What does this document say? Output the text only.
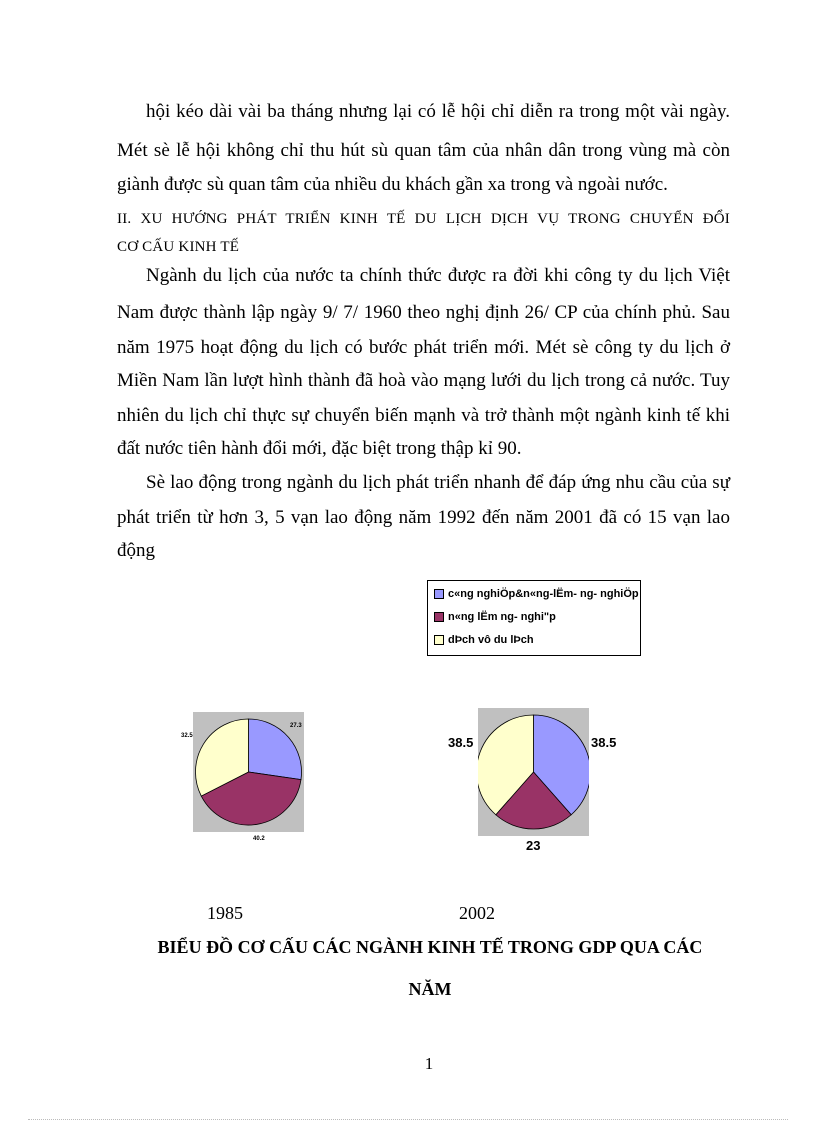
hội kéo dài vài ba tháng nhưng lại có lễ hội chỉ diễn ra trong một vài ngày.
Mét sè lễ hội không chỉ thu hút sù quan tâm của nhân dân trong vùng mà còn
giành được sù quan tâm của nhiều du khách gần xa trong và ngoài nước.
II. XU HƯỚNG PHÁT TRIỂN KINH TẾ DU LỊCH DỊCH VỤ TRONG CHUYỂN ĐỔI
CƠ CẤU KINH TẾ
Ngành du lịch của nước ta chính thức được ra đời khi công ty du lịch Việt
Nam được thành lập ngày 9/ 7/ 1960 theo nghị định 26/ CP của chính phủ. Sau
năm 1975 hoạt động du lịch có bước phát triển mới. Mét sè công ty du lịch ở
Miền Nam lần lượt hình thành đã hoà vào mạng lưới du lịch trong cả nước. Tuy
nhiên du lịch chỉ thực sự chuyển biến mạnh và trở thành một ngành kinh tế khi
đất nước tiên hành đổi mới, đặc biệt trong thập kỉ 90.
Sè lao động trong ngành du lịch phát triển nhanh để đáp ứng nhu cầu của sự
phát triển từ hơn 3, 5 vạn lao động năm 1992 đến năm 2001 đã có 15 vạn lao
động
c«ng nghiÖp&n«ng-lËm- ng- nghiÖp
n«ng lËm ng- nghi"p
dÞch vô du lÞch
27.3
40.2
32.5	38.5
23
38.5
1985	2002
BIỂU ĐỒ CƠ CẤU CÁC NGÀNH KINH TẾ TRONG GDP QUA CÁC
NĂM
1
